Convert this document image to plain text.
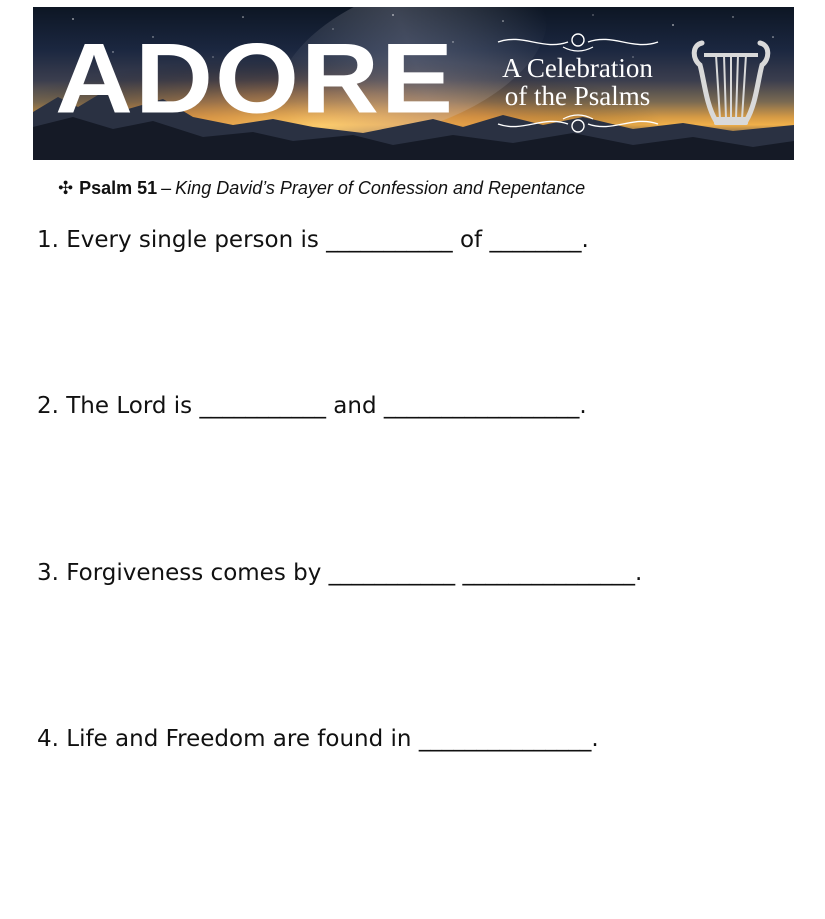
ADORE	A Celebration
of the Psalms
✣ Psalm 51 – King David’s Prayer of Confession and Repentance
1. Every single person is ___________ of ________.
2. The Lord is ___________ and _________________.
3. Forgiveness comes by ___________ _______________.
4. Life and Freedom are found in _______________.
